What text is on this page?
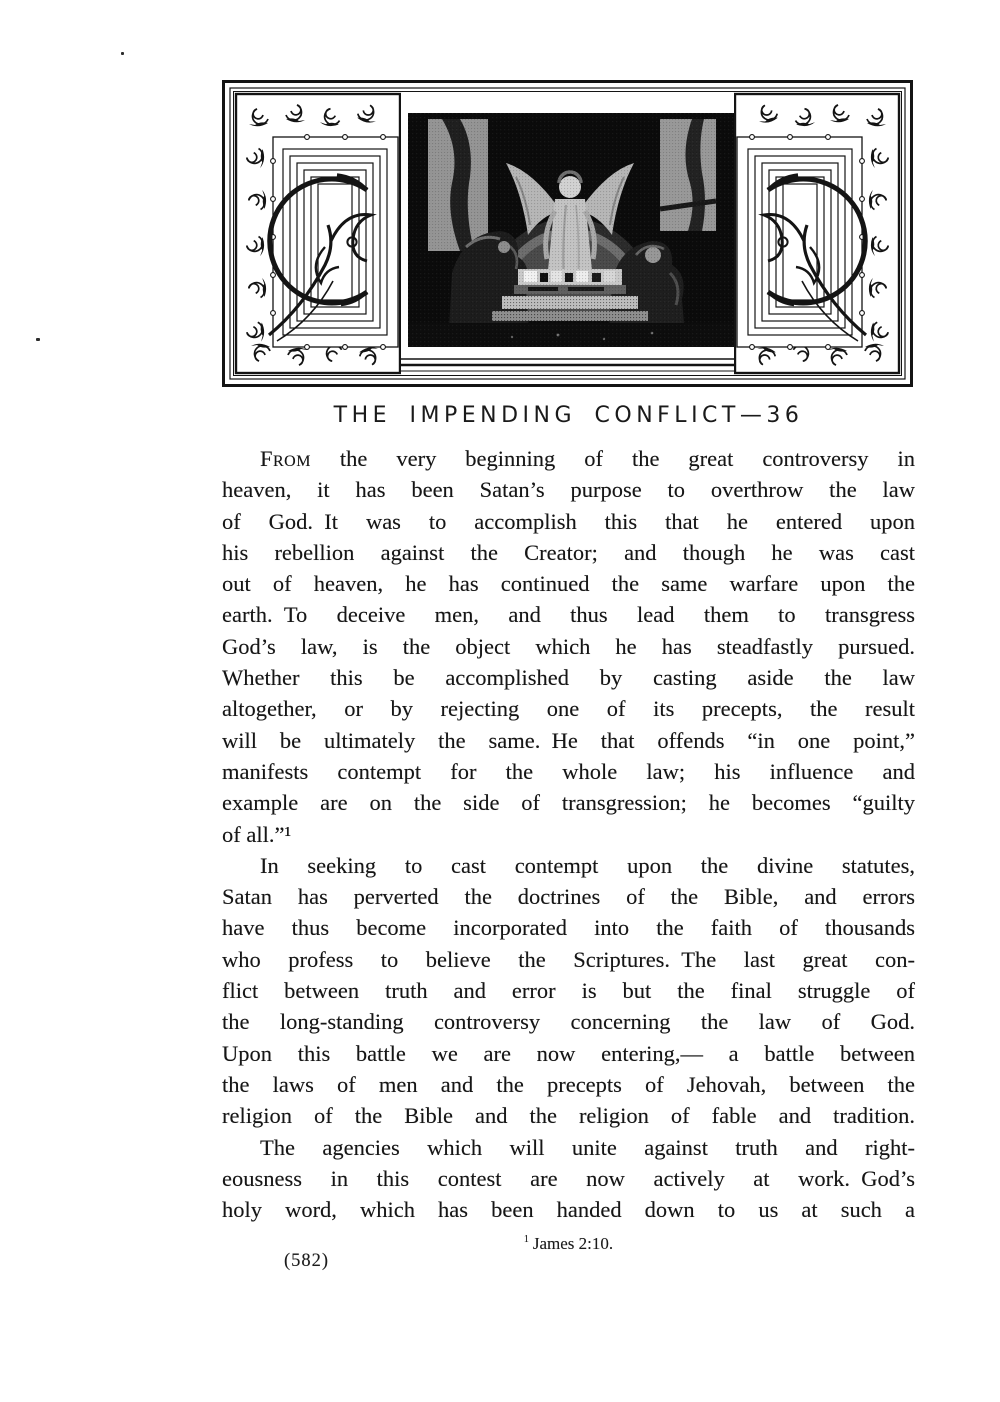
THE IMPENDING CONFLICT—36
From the very beginning of the great controversy in
heaven, it has been Satan’s purpose to overthrow the law
of God. It was to accomplish this that he entered upon
his rebellion against the Creator; and though he was cast
out of heaven, he has continued the same warfare upon the
earth. To deceive men, and thus lead them to transgress
God’s law, is the object which he has steadfastly pursued.
Whether this be accomplished by casting aside the law
altogether, or by rejecting one of its precepts, the result
will be ultimately the same. He that offends “in one point,”
manifests contempt for the whole law; his influence and
example are on the side of transgression; he becomes “guilty
of all.”¹
In seeking to cast contempt upon the divine statutes,
Satan has perverted the doctrines of the Bible, and errors
have thus become incorporated into the faith of thousands
who profess to believe the Scriptures. The last great con-
flict between truth and error is but the final struggle of
the long-standing controversy concerning the law of God.
Upon this battle we are now entering,— a battle between
the laws of men and the precepts of Jehovah, between the
religion of the Bible and the religion of fable and tradition.
The agencies which will unite against truth and right-
eousness in this contest are now actively at work. God’s
holy word, which has been handed down to us at such a
$^1$ James 2:10.
(582)
